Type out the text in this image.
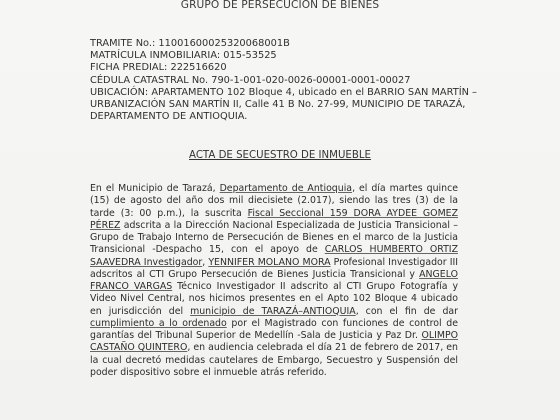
GRUPO DE PERSECUCIÓN DE BIENES
TRAMITE No.: 11001600025320068001B
MATRÍCULA INMOBILIARIA: 015-53525
FICHA PREDIAL: 222516620
CÉDULA CATASTRAL No. 790-1-001-020-0026-00001-0001-00027
UBICACIÓN: APARTAMENTO 102 Bloque 4, ubicado en el BARRIO SAN MARTÍN –URBANIZACIÓN SAN MARTÍN II, Calle 41 B No. 27-99, MUNICIPIO DE TARAZÁ, DEPARTAMENTO DE ANTIOQUIA.
ACTA DE SECUESTRO DE INMUEBLE
En el Municipio de Tarazá, Departamento de Antioquia, el día martes quince (15) de agosto del año dos mil diecisiete (2.017), siendo las tres (3) de la tarde (3: 00 p.m.), la suscrita Fiscal Seccional 159 DORA AYDEE GOMEZ PÉREZ adscrita a la Dirección Nacional Especializada de Justicia Transicional –Grupo de Trabajo Interno de Persecución de Bienes en el marco de la Justicia Transicional -Despacho 15, con el apoyo de CARLOS HUMBERTO ORTIZ SAAVEDRA Investigador, YENNIFER MOLANO MORA Profesional Investigador III adscritos al CTI Grupo Persecución de Bienes Justicia Transicional y ANGELO FRANCO VARGAS Técnico Investigador II adscrito al CTI Grupo Fotografía y Video Nivel Central, nos hicimos presentes en el Apto 102 Bloque 4 ubicado en jurisdicción del municipio de TARAZÁ–ANTIOQUIA, con el fin de dar cumplimiento a lo ordenado por el Magistrado con funciones de control de garantías del Tribunal Superior de Medellín -Sala de Justicia y Paz Dr. OLIMPO CASTAÑO QUINTERO, en audiencia celebrada el día 21 de febrero de 2017, en la cual decretó medidas cautelares de Embargo, Secuestro y Suspensión del poder dispositivo sobre el inmueble atrás referido.
